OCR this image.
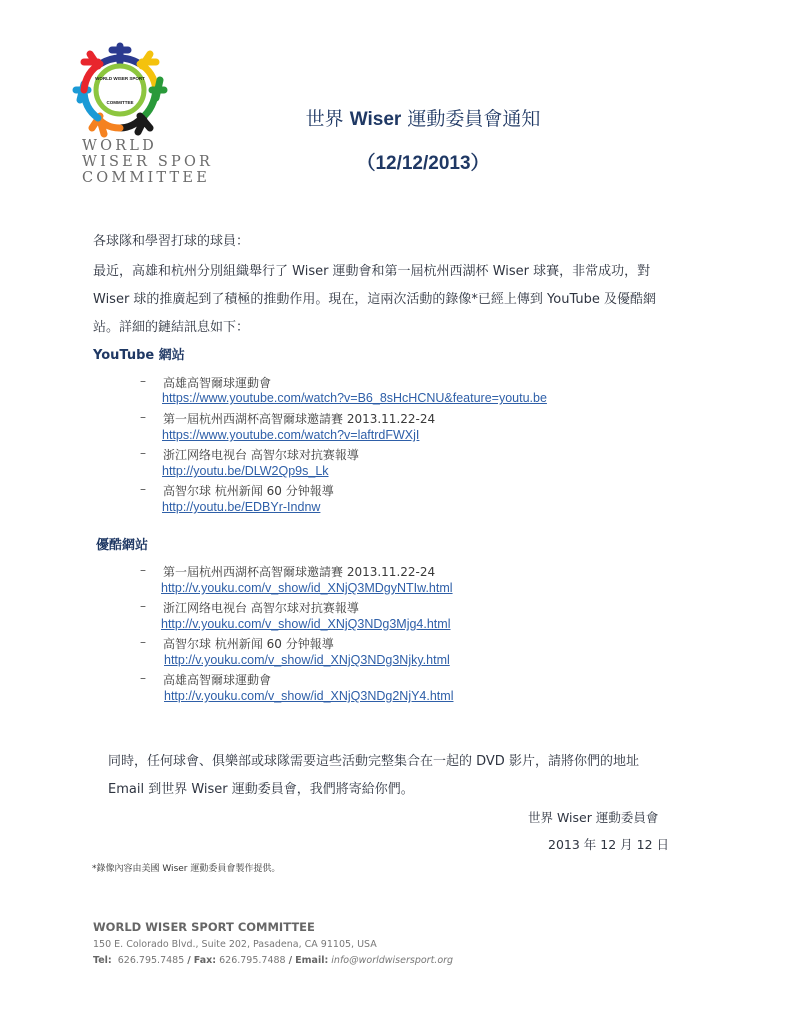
WORLD WISER SPORT
COMMITTEE
WORLD
WISER SPOR
COMMITTEE
世界 Wiser 運動委員會通知
（12/12/2013）
各球隊和學習打球的球員：
最近，高雄和杭州分別組織舉行了 Wiser 運動會和第一屆杭州西湖杯 Wiser 球賽，非常成功，對
Wiser 球的推廣起到了積極的推動作用。現在，這兩次活動的錄像*已經上傳到 YouTube 及優酷網
站。詳細的鏈結訊息如下：
YouTube 網站
– 高雄高智爾球運動會
https://www.youtube.com/watch?v=B6_8sHcHCNU&feature=youtu.be
– 第一屆杭州西湖杯高智爾球邀請賽 2013.11.22-24
https://www.youtube.com/watch?v=laftrdFWXjI
– 浙江网络电视台 高智尔球对抗赛報導
http://youtu.be/DLW2Qp9s_Lk
– 高智尔球 杭州新闻 60 分钟報導
http://youtu.be/EDBYr-Indnw
優酷網站
– 第一屆杭州西湖杯高智爾球邀請賽 2013.11.22-24
http://v.youku.com/v_show/id_XNjQ3MDgyNTIw.html
– 浙江网络电视台 高智尔球对抗赛報導
http://v.youku.com/v_show/id_XNjQ3NDg3Mjg4.html
– 高智尔球 杭州新闻 60 分钟報導
http://v.youku.com/v_show/id_XNjQ3NDg3Njky.html
– 高雄高智爾球運動會
http://v.youku.com/v_show/id_XNjQ3NDg2NjY4.html
同時，任何球會、俱樂部或球隊需要這些活動完整集合在一起的 DVD 影片，請將你們的地址
Email 到世界 Wiser 運動委員會，我們將寄給你們。
世界 Wiser 運動委員會
2013 年 12 月 12 日
*錄像內容由美國 Wiser 運動委員會製作提供。
WORLD WISER SPORT COMMITTEE
150 E. Colorado Blvd., Suite 202, Pasadena, CA 91105, USA
Tel: 626.795.7485 / Fax: 626.795.7488 / Email: info@worldwisersport.org
